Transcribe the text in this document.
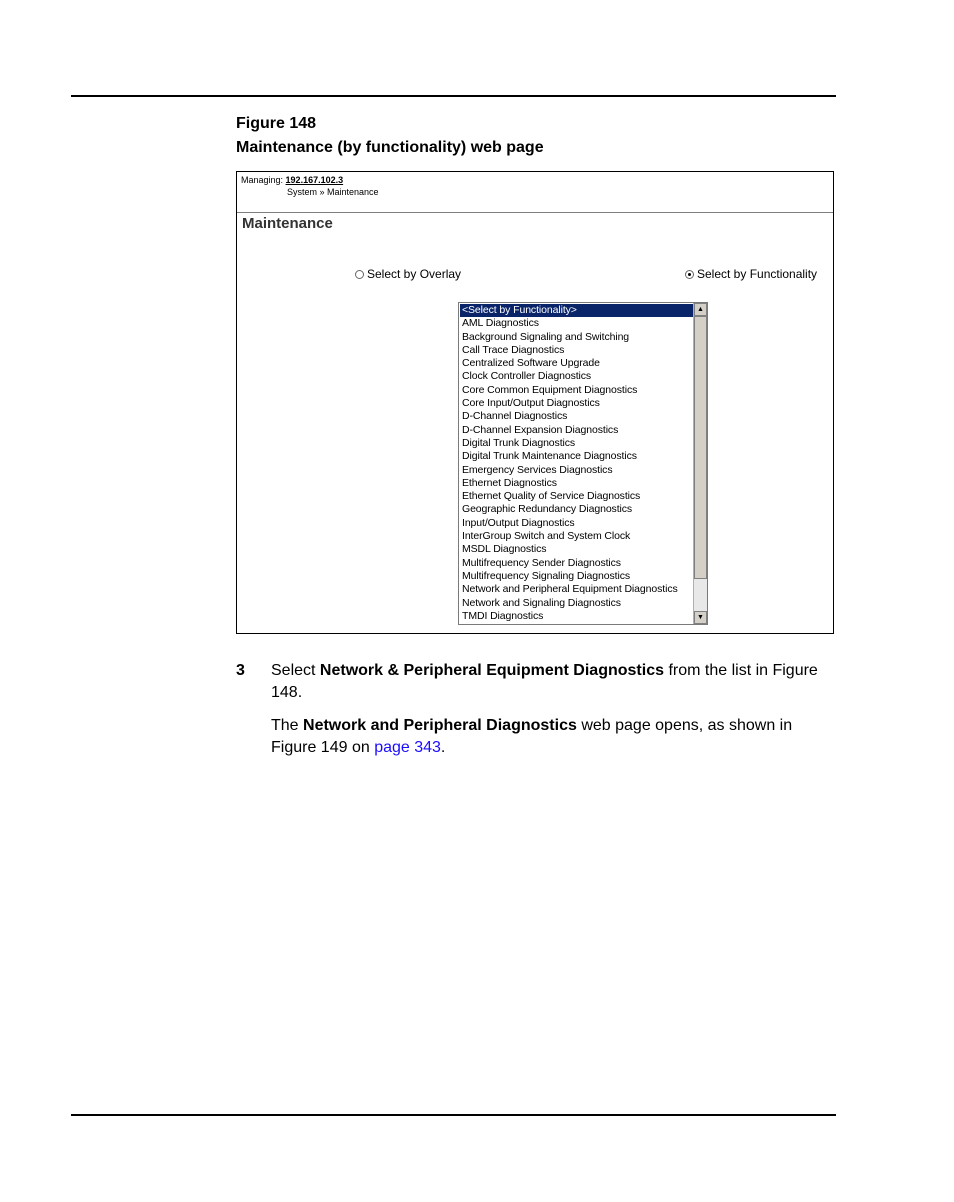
Figure 148
Maintenance (by functionality) web page
Managing: 192.167.102.3
System » Maintenance
Maintenance
Select by Overlay	Select by Functionality
<Select by Functionality>
AML Diagnostics
Background Signaling and Switching
Call Trace Diagnostics
Centralized Software Upgrade
Clock Controller Diagnostics
Core Common Equipment Diagnostics
Core Input/Output Diagnostics
D-Channel Diagnostics
D-Channel Expansion Diagnostics
Digital Trunk Diagnostics
Digital Trunk Maintenance Diagnostics
Emergency Services Diagnostics
Ethernet Diagnostics
Ethernet Quality of Service Diagnostics
Geographic Redundancy Diagnostics
Input/Output Diagnostics
InterGroup Switch and System Clock
MSDL Diagnostics
Multifrequency Sender Diagnostics
Multifrequency Signaling Diagnostics
Network and Peripheral Equipment Diagnostics
Network and Signaling Diagnostics
TMDI Diagnostics
▲
▼
3 Select Network & Peripheral Equipment Diagnostics from the list in Figure 148.
The Network and Peripheral Diagnostics web page opens, as shown in Figure 149 on page 343.
